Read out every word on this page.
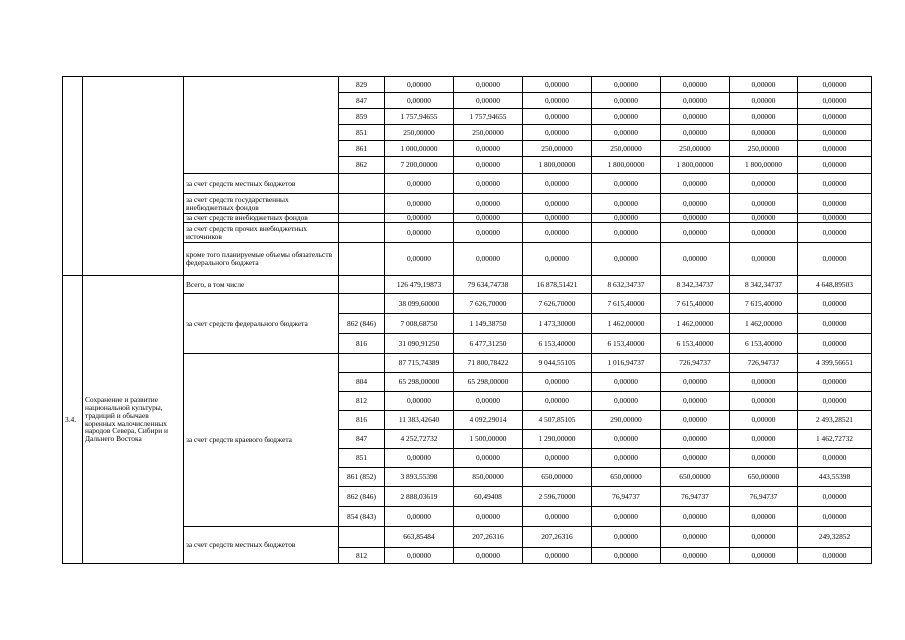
			829	0,00000	0,00000	0,00000	0,00000	0,00000	0,00000	0,00000
			847	0,00000	0,00000	0,00000	0,00000	0,00000	0,00000	0,00000
			859	1 757,94655	1 757,94655	0,00000	0,00000	0,00000	0,00000	0,00000
			851	250,00000	250,00000	0,00000	0,00000	0,00000	0,00000	0,00000
			861	1 000,00000	0,00000	250,00000	250,00000	250,00000	250,00000	0,00000
			862	7 200,00000	0,00000	1 800,00000	1 800,00000	1 800,00000	1 800,00000	0,00000
		за счет средств местных бюджетов		0,00000	0,00000	0,00000	0,00000	0,00000	0,00000	0,00000
		за счет средств государственных внебюджетных фондов		0,00000	0,00000	0,00000	0,00000	0,00000	0,00000	0,00000
		за счет средств внебюджетных фондов		0,00000	0,00000	0,00000	0,00000	0,00000	0,00000	0,00000
		за счет средств прочих внебюджетных источников		0,00000	0,00000	0,00000	0,00000	0,00000	0,00000	0,00000
		кроме того планируемые объемы обязательств федерального бюджета		0,00000	0,00000	0,00000	0,00000	0,00000	0,00000	0,00000
3.4.	Сохранение и развитие национальной культуры, традиций и обычаев коренных малочисленных народов Севера, Сибири и Дальнего Востока	Всего, в том числе		126 479,19873	79 634,74738	16 878,51421	8 632,34737	8 342,34737	8 342,34737	4 648,89503
		за счет средств федерального бюджета		38 099,60000	7 626,70000	7 626,70000	7 615,40000	7 615,40000	7 615,40000	0,00000
			862 (846)	7 008,68750	1 149,38750	1 473,30000	1 462,00000	1 462,00000	1 462,00000	0,00000
			816	31 090,91250	6 477,31250	6 153,40000	6 153,40000	6 153,40000	6 153,40000	0,00000
		за счет средств краевого бюджета		87 715,74389	71 800,78422	9 044,55105	1 016,94737	726,94737	726,94737	4 399,56651
			804	65 298,00000	65 298,00000	0,00000	0,00000	0,00000	0,00000	0,00000
			812	0,00000	0,00000	0,00000	0,00000	0,00000	0,00000	0,00000
			816	11 383,42640	4 092,29014	4 507,85105	290,00000	0,00000	0,00000	2 493,28521
			847	4 252,72732	1 500,00000	1 290,00000	0,00000	0,00000	0,00000	1 462,72732
			851	0,00000	0,00000	0,00000	0,00000	0,00000	0,00000	0,00000
			861 (852)	3 893,55398	850,00000	650,00000	650,00000	650,00000	650,00000	443,55398
			862 (846)	2 888,03619	60,49408	2 596,70000	76,94737	76,94737	76,94737	0,00000
			854 (843)	0,00000	0,00000	0,00000	0,00000	0,00000	0,00000	0,00000
		за счет средств местных бюджетов		663,85484	207,26316	207,26316	0,00000	0,00000	0,00000	249,32852
			812	0,00000	0,00000	0,00000	0,00000	0,00000	0,00000	0,00000
